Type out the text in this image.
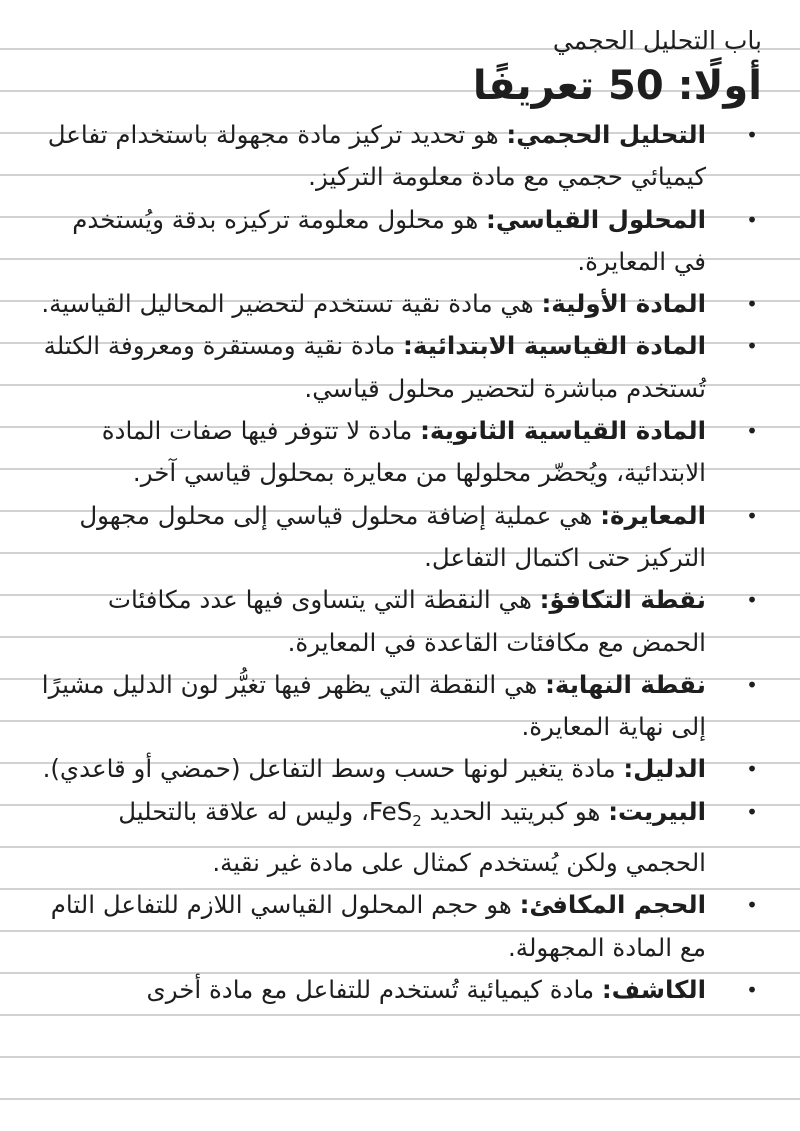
باب التحليل الحجمي
أولًا: 50 تعريفًا
•
التحليل الحجمي: هو تحديد تركيز مادة مجهولة باستخدام تفاعل كيميائي حجمي مع مادة معلومة التركيز.
•
المحلول القياسي: هو محلول معلومة تركيزه بدقة ويُستخدم في المعايرة.
•
المادة الأولية: هي مادة نقية تستخدم لتحضير المحاليل القياسية.
•
المادة القياسية الابتدائية: مادة نقية ومستقرة ومعروفة الكتلة تُستخدم مباشرة لتحضير محلول قياسي.
•
المادة القياسية الثانوية: مادة لا تتوفر فيها صفات المادة الابتدائية، ويُحضّر محلولها من معايرة بمحلول قياسي آخر.
•
المعايرة: هي عملية إضافة محلول قياسي إلى محلول مجهول التركيز حتى اكتمال التفاعل.
•
نقطة التكافؤ: هي النقطة التي يتساوى فيها عدد مكافئات الحمض مع مكافئات القاعدة في المعايرة.
•
نقطة النهاية: هي النقطة التي يظهر فيها تغيُّر لون الدليل مشيرًا إلى نهاية المعايرة.
•
الدليل: مادة يتغير لونها حسب وسط التفاعل (حمضي أو قاعدي).
•
البيريت: هو كبريتيد الحديد FeS$_2$، وليس له علاقة بالتحليل الحجمي ولكن يُستخدم كمثال على مادة غير نقية.
•
الحجم المكافئ: هو حجم المحلول القياسي اللازم للتفاعل التام مع المادة المجهولة.
•
الكاشف: مادة كيميائية تُستخدم للتفاعل مع مادة أخرى
